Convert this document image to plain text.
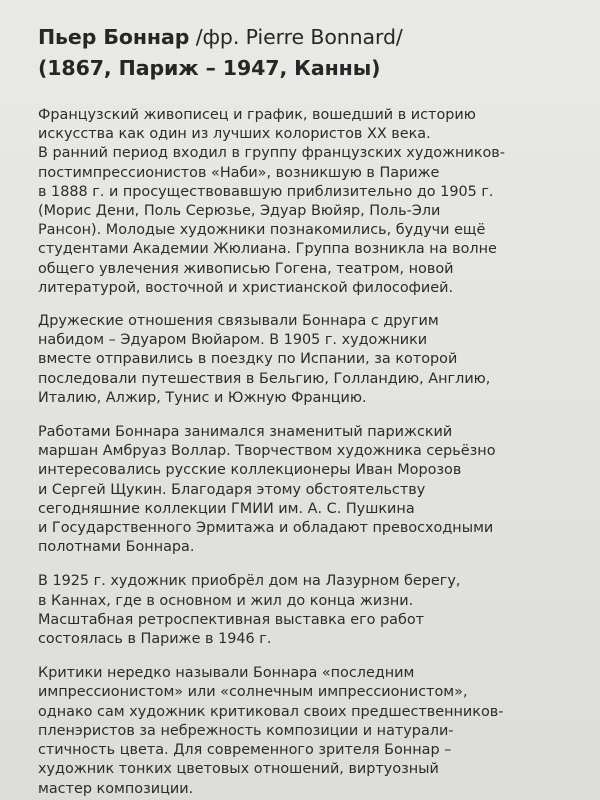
Пьер Боннар /фр. Pierre Bonnard/
(1867, Париж – 1947, Канны)

Французский живописец и график, вошедший в историю
искусства как один из лучших колористов XX века.
В ранний период входил в группу французских художников-
постимпрессионистов «Наби», возникшую в Париже
в 1888 г. и просуществовавшую приблизительно до 1905 г.
(Морис Дени, Поль Серюзье, Эдуар Вюйяр, Поль-Эли
Рансон). Молодые художники познакомились, будучи ещё
студентами Академии Жюлиана. Группа возникла на волне
общего увлечения живописью Гогена, театром, новой
литературой, восточной и христианской философией.

Дружеские отношения связывали Боннара с другим
набидом – Эдуаром Вюйаром. В 1905 г. художники
вместе отправились в поездку по Испании, за которой
последовали путешествия в Бельгию, Голландию, Англию,
Италию, Алжир, Тунис и Южную Францию.

Работами Боннара занимался знаменитый парижский
маршан Амбруаз Воллар. Творчеством художника серьёзно
интересовались русские коллекционеры Иван Морозов
и Сергей Щукин. Благодаря этому обстоятельству
сегодняшние коллекции ГМИИ им. А. С. Пушкина
и Государственного Эрмитажа и обладают превосходными
полотнами Боннара.

В 1925 г. художник приобрёл дом на Лазурном берегу,
в Каннах, где в основном и жил до конца жизни.
Масштабная ретроспективная выставка его работ
состоялась в Париже в 1946 г.

Критики нередко называли Боннара «последним
импрессионистом» или «солнечным импрессионистом»,
однако сам художник критиковал своих предшественников-
пленэристов за небрежность композиции и натурали-
стичность цвета. Для современного зрителя Боннар –
художник тонких цветовых отношений, виртуозный
мастер композиции.
